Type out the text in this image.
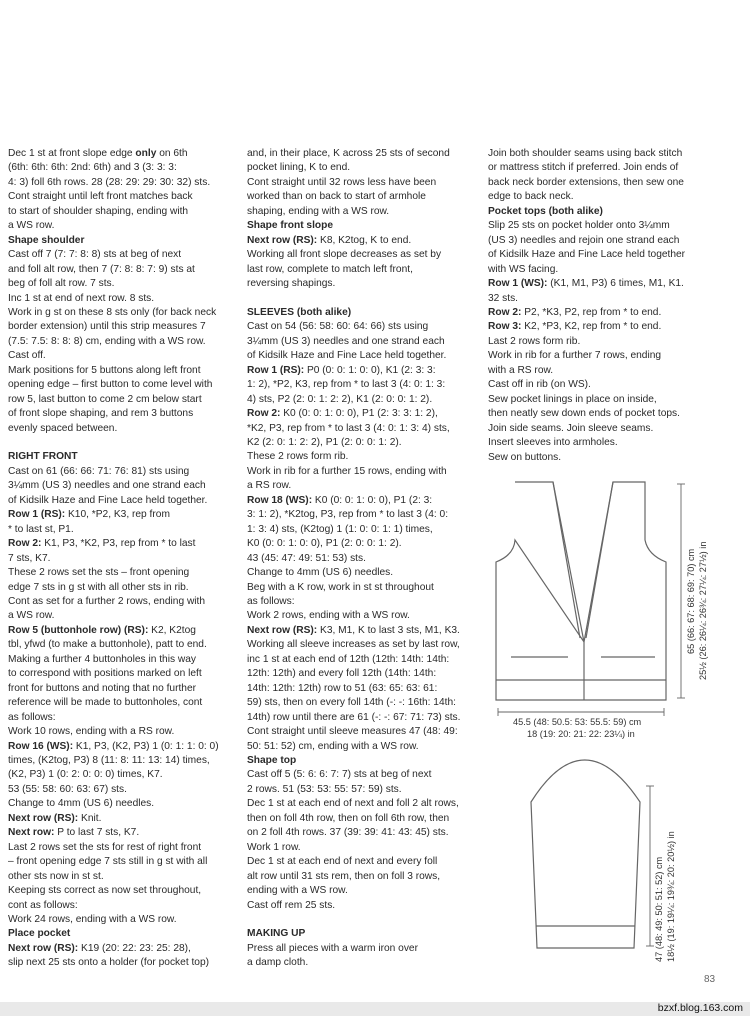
Dec 1 st at front slope edge only on 6th
(6th: 6th: 6th: 2nd: 6th) and 3 (3: 3: 3:
4: 3) foll 6th rows. 28 (28: 29: 29: 30: 32) sts.
Cont straight until left front matches back
to start of shoulder shaping, ending with
a WS row.
Shape shoulder
Cast off 7 (7: 7: 8: 8) sts at beg of next
and foll alt row, then 7 (7: 8: 8: 7: 9) sts at
beg of foll alt row. 7 sts.
Inc 1 st at end of next row. 8 sts.
Work in g st on these 8 sts only (for back neck
border extension) until this strip measures 7
(7.5: 7.5: 8: 8: 8) cm, ending with a WS row.
Cast off.
Mark positions for 5 buttons along left front
opening edge – first button to come level with
row 5, last button to come 2 cm below start
of front slope shaping, and rem 3 buttons
evenly spaced between.
RIGHT FRONT
Cast on 61 (66: 66: 71: 76: 81) sts using
3¼mm (US 3) needles and one strand each
of Kidsilk Haze and Fine Lace held together.
Row 1 (RS): K10, *P2, K3, rep from
* to last st, P1.
Row 2: K1, P3, *K2, P3, rep from * to last
7 sts, K7.
These 2 rows set the sts – front opening
edge 7 sts in g st with all other sts in rib.
Cont as set for a further 2 rows, ending with
a WS row.
Row 5 (buttonhole row) (RS): K2, K2tog
tbl, yfwd (to make a buttonhole), patt to end.
Making a further 4 buttonholes in this way
to correspond with positions marked on left
front for buttons and noting that no further
reference will be made to buttonholes, cont
as follows:
Work 10 rows, ending with a RS row.
Row 16 (WS): K1, P3, (K2, P3) 1 (0: 1: 1: 0: 0)
times, (K2tog, P3) 8 (11: 8: 11: 13: 14) times,
(K2, P3) 1 (0: 2: 0: 0: 0) times, K7.
53 (55: 58: 60: 63: 67) sts.
Change to 4mm (US 6) needles.
Next row (RS): Knit.
Next row: P to last 7 sts, K7.
Last 2 rows set the sts for rest of right front
– front opening edge 7 sts still in g st with all
other sts now in st st.
Keeping sts correct as now set throughout,
cont as follows:
Work 24 rows, ending with a WS row.
Place pocket
Next row (RS): K19 (20: 22: 23: 25: 28),
slip next 25 sts onto a holder (for pocket top)
and, in their place, K across 25 sts of second
pocket lining, K to end.
Cont straight until 32 rows less have been
worked than on back to start of armhole
shaping, ending with a WS row.
Shape front slope
Next row (RS): K8, K2tog, K to end.
Working all front slope decreases as set by
last row, complete to match left front,
reversing shapings.
SLEEVES (both alike)
Cast on 54 (56: 58: 60: 64: 66) sts using
3¼mm (US 3) needles and one strand each
of Kidsilk Haze and Fine Lace held together.
Row 1 (RS): P0 (0: 0: 1: 0: 0), K1 (2: 3: 3:
1: 2), *P2, K3, rep from * to last 3 (4: 0: 1: 3:
4) sts, P2 (2: 0: 1: 2: 2), K1 (2: 0: 0: 1: 2).
Row 2: K0 (0: 0: 1: 0: 0), P1 (2: 3: 3: 1: 2),
*K2, P3, rep from * to last 3 (4: 0: 1: 3: 4) sts,
K2 (2: 0: 1: 2: 2), P1 (2: 0: 0: 1: 2).
These 2 rows form rib.
Work in rib for a further 15 rows, ending with
a RS row.
Row 18 (WS): K0 (0: 0: 1: 0: 0), P1 (2: 3:
3: 1: 2), *K2tog, P3, rep from * to last 3 (4: 0:
1: 3: 4) sts, (K2tog) 1 (1: 0: 0: 1: 1) times,
K0 (0: 0: 1: 0: 0), P1 (2: 0: 0: 1: 2).
43 (45: 47: 49: 51: 53) sts.
Change to 4mm (US 6) needles.
Beg with a K row, work in st st throughout
as follows:
Work 2 rows, ending with a WS row.
Next row (RS): K3, M1, K to last 3 sts, M1, K3.
Working all sleeve increases as set by last row,
inc 1 st at each end of 12th (12th: 14th: 14th:
12th: 12th) and every foll 12th (14th: 14th:
14th: 12th: 12th) row to 51 (63: 65: 63: 61:
59) sts, then on every foll 14th (-: -: 16th: 14th:
14th) row until there are 61 (-: -: 67: 71: 73) sts.
Cont straight until sleeve measures 47 (48: 49:
50: 51: 52) cm, ending with a WS row.
Shape top
Cast off 5 (5: 6: 6: 7: 7) sts at beg of next
2 rows. 51 (53: 53: 55: 57: 59) sts.
Dec 1 st at each end of next and foll 2 alt rows,
then on foll 4th row, then on foll 6th row, then
on 2 foll 4th rows. 37 (39: 39: 41: 43: 45) sts.
Work 1 row.
Dec 1 st at each end of next and every foll
alt row until 31 sts rem, then on foll 3 rows,
ending with a WS row.
Cast off rem 25 sts.
MAKING UP
Press all pieces with a warm iron over
a damp cloth.
Join both shoulder seams using back stitch
or mattress stitch if preferred. Join ends of
back neck border extensions, then sew one
edge to back neck.
Pocket tops (both alike)
Slip 25 sts on pocket holder onto 3¼mm
(US 3) needles and rejoin one strand each
of Kidsilk Haze and Fine Lace held together
with WS facing.
Row 1 (WS): (K1, M1, P3) 6 times, M1, K1.
32 sts.
Row 2: P2, *K3, P2, rep from * to end.
Row 3: K2, *P3, K2, rep from * to end.
Last 2 rows form rib.
Work in rib for a further 7 rows, ending
with a RS row.
Cast off in rib (on WS).
Sew pocket linings in place on inside,
then neatly sew down ends of pocket tops.
Join side seams. Join sleeve seams.
Insert sleeves into armholes.
Sew on buttons.
65 (66: 67: 68: 69: 70) cm 25½ (26: 26¼: 26¾: 27¼: 27½) in
45.5 (48: 50.5: 53: 55.5: 59) cm
18 (19: 20: 21: 22: 23¼) in
47 (48: 49: 50: 51: 52) cm 18½ (19: 19¼: 19¾: 20: 20½) in
83
bzxf.blog.163.com
